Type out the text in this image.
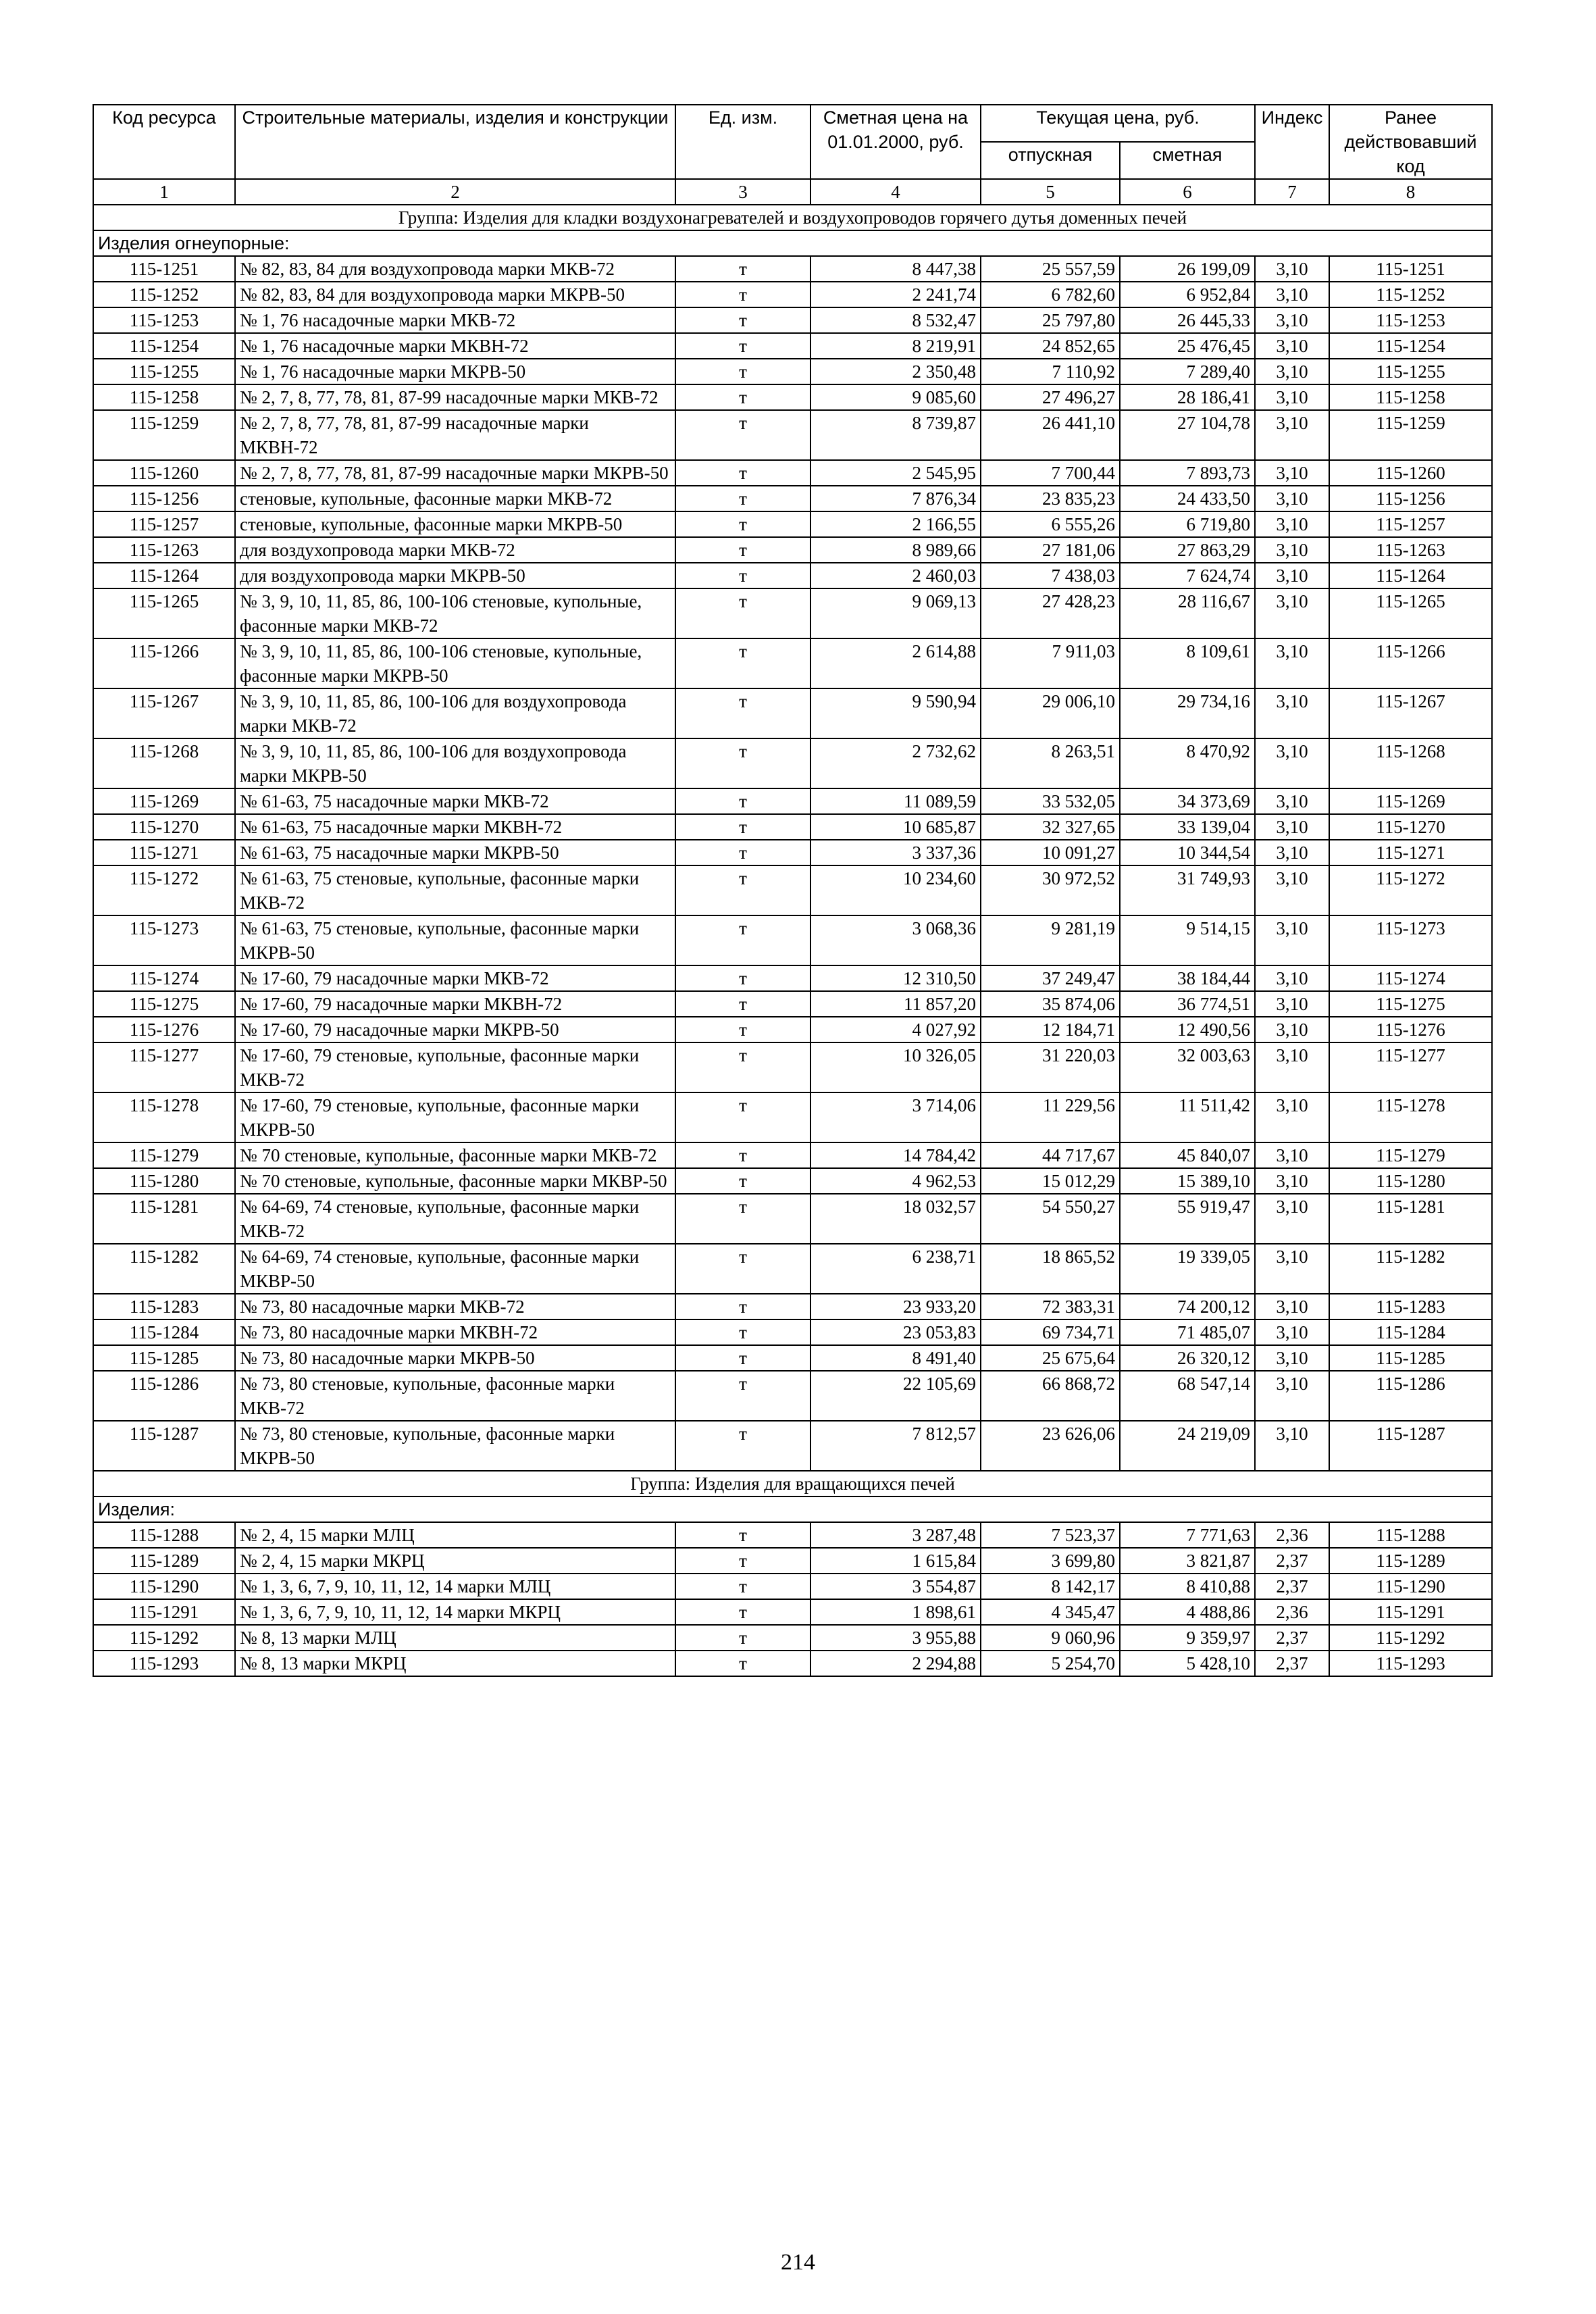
Код ресурса	Строительные материалы, изделия и конструкции	Ед. изм.	Сметная цена на 01.01.2000, руб.	Текущая цена, руб.		Индекс	Ранее действовавший код
				отпускная	сметная		
1	2	3	4	5	6	7	8
Группа: Изделия для кладки воздухонагревателей и воздухопроводов горячего дутья доменных печей							
Изделия огнеупорные:							
115-1251	№ 82, 83, 84 для воздухопровода марки МКВ-72	т	8 447,38	25 557,59	26 199,09	3,10	115-1251
115-1252	№ 82, 83, 84 для воздухопровода марки МКРВ-50	т	2 241,74	6 782,60	6 952,84	3,10	115-1252
115-1253	№ 1, 76 насадочные марки МКВ-72	т	8 532,47	25 797,80	26 445,33	3,10	115-1253
115-1254	№ 1, 76 насадочные марки МКВН-72	т	8 219,91	24 852,65	25 476,45	3,10	115-1254
115-1255	№ 1, 76 насадочные марки МКРВ-50	т	2 350,48	7 110,92	7 289,40	3,10	115-1255
115-1258	№ 2, 7, 8, 77, 78, 81, 87-99 насадочные марки МКВ-72	т	9 085,60	27 496,27	28 186,41	3,10	115-1258
115-1259	№ 2, 7, 8, 77, 78, 81, 87-99 насадочные марки МКВН-72	т	8 739,87	26 441,10	27 104,78	3,10	115-1259
115-1260	№ 2, 7, 8, 77, 78, 81, 87-99 насадочные марки МКРВ-50	т	2 545,95	7 700,44	7 893,73	3,10	115-1260
115-1256	стеновые, купольные, фасонные марки МКВ-72	т	7 876,34	23 835,23	24 433,50	3,10	115-1256
115-1257	стеновые, купольные, фасонные марки МКРВ-50	т	2 166,55	6 555,26	6 719,80	3,10	115-1257
115-1263	для воздухопровода марки МКВ-72	т	8 989,66	27 181,06	27 863,29	3,10	115-1263
115-1264	для воздухопровода марки МКРВ-50	т	2 460,03	7 438,03	7 624,74	3,10	115-1264
115-1265	№ 3, 9, 10, 11, 85, 86, 100-106 стеновые, купольные, фасонные марки МКВ-72	т	9 069,13	27 428,23	28 116,67	3,10	115-1265
115-1266	№ 3, 9, 10, 11, 85, 86, 100-106 стеновые, купольные, фасонные марки МКРВ-50	т	2 614,88	7 911,03	8 109,61	3,10	115-1266
115-1267	№ 3, 9, 10, 11, 85, 86, 100-106 для воздухопровода марки МКВ-72	т	9 590,94	29 006,10	29 734,16	3,10	115-1267
115-1268	№ 3, 9, 10, 11, 85, 86, 100-106 для воздухопровода марки МКРВ-50	т	2 732,62	8 263,51	8 470,92	3,10	115-1268
115-1269	№ 61-63, 75 насадочные марки МКВ-72	т	11 089,59	33 532,05	34 373,69	3,10	115-1269
115-1270	№ 61-63, 75 насадочные марки МКВН-72	т	10 685,87	32 327,65	33 139,04	3,10	115-1270
115-1271	№ 61-63, 75 насадочные марки МКРВ-50	т	3 337,36	10 091,27	10 344,54	3,10	115-1271
115-1272	№ 61-63, 75 стеновые, купольные, фасонные марки МКВ-72	т	10 234,60	30 972,52	31 749,93	3,10	115-1272
115-1273	№ 61-63, 75 стеновые, купольные, фасонные марки МКРВ-50	т	3 068,36	9 281,19	9 514,15	3,10	115-1273
115-1274	№ 17-60, 79 насадочные марки МКВ-72	т	12 310,50	37 249,47	38 184,44	3,10	115-1274
115-1275	№ 17-60, 79 насадочные марки МКВН-72	т	11 857,20	35 874,06	36 774,51	3,10	115-1275
115-1276	№ 17-60, 79 насадочные марки МКРВ-50	т	4 027,92	12 184,71	12 490,56	3,10	115-1276
115-1277	№ 17-60, 79 стеновые, купольные, фасонные марки МКВ-72	т	10 326,05	31 220,03	32 003,63	3,10	115-1277
115-1278	№ 17-60, 79 стеновые, купольные, фасонные марки МКРВ-50	т	3 714,06	11 229,56	11 511,42	3,10	115-1278
115-1279	№ 70 стеновые, купольные, фасонные марки МКВ-72	т	14 784,42	44 717,67	45 840,07	3,10	115-1279
115-1280	№ 70 стеновые, купольные, фасонные марки МКВР-50	т	4 962,53	15 012,29	15 389,10	3,10	115-1280
115-1281	№ 64-69, 74 стеновые, купольные, фасонные марки МКВ-72	т	18 032,57	54 550,27	55 919,47	3,10	115-1281
115-1282	№ 64-69, 74 стеновые, купольные, фасонные марки МКВР-50	т	6 238,71	18 865,52	19 339,05	3,10	115-1282
115-1283	№ 73, 80 насадочные марки МКВ-72	т	23 933,20	72 383,31	74 200,12	3,10	115-1283
115-1284	№ 73, 80 насадочные марки МКВН-72	т	23 053,83	69 734,71	71 485,07	3,10	115-1284
115-1285	№ 73, 80 насадочные марки МКРВ-50	т	8 491,40	25 675,64	26 320,12	3,10	115-1285
115-1286	№ 73, 80 стеновые, купольные, фасонные марки МКВ-72	т	22 105,69	66 868,72	68 547,14	3,10	115-1286
115-1287	№ 73, 80 стеновые, купольные, фасонные марки МКРВ-50	т	7 812,57	23 626,06	24 219,09	3,10	115-1287
Группа: Изделия для вращающихся печей							
Изделия:							
115-1288	№ 2, 4, 15 марки МЛЦ	т	3 287,48	7 523,37	7 771,63	2,36	115-1288
115-1289	№ 2, 4, 15 марки МКРЦ	т	1 615,84	3 699,80	3 821,87	2,37	115-1289
115-1290	№ 1, 3, 6, 7, 9, 10, 11, 12, 14 марки МЛЦ	т	3 554,87	8 142,17	8 410,88	2,37	115-1290
115-1291	№ 1, 3, 6, 7, 9, 10, 11, 12, 14 марки МКРЦ	т	1 898,61	4 345,47	4 488,86	2,36	115-1291
115-1292	№ 8, 13 марки МЛЦ	т	3 955,88	9 060,96	9 359,97	2,37	115-1292
115-1293	№ 8, 13 марки МКРЦ	т	2 294,88	5 254,70	5 428,10	2,37	115-1293
214
